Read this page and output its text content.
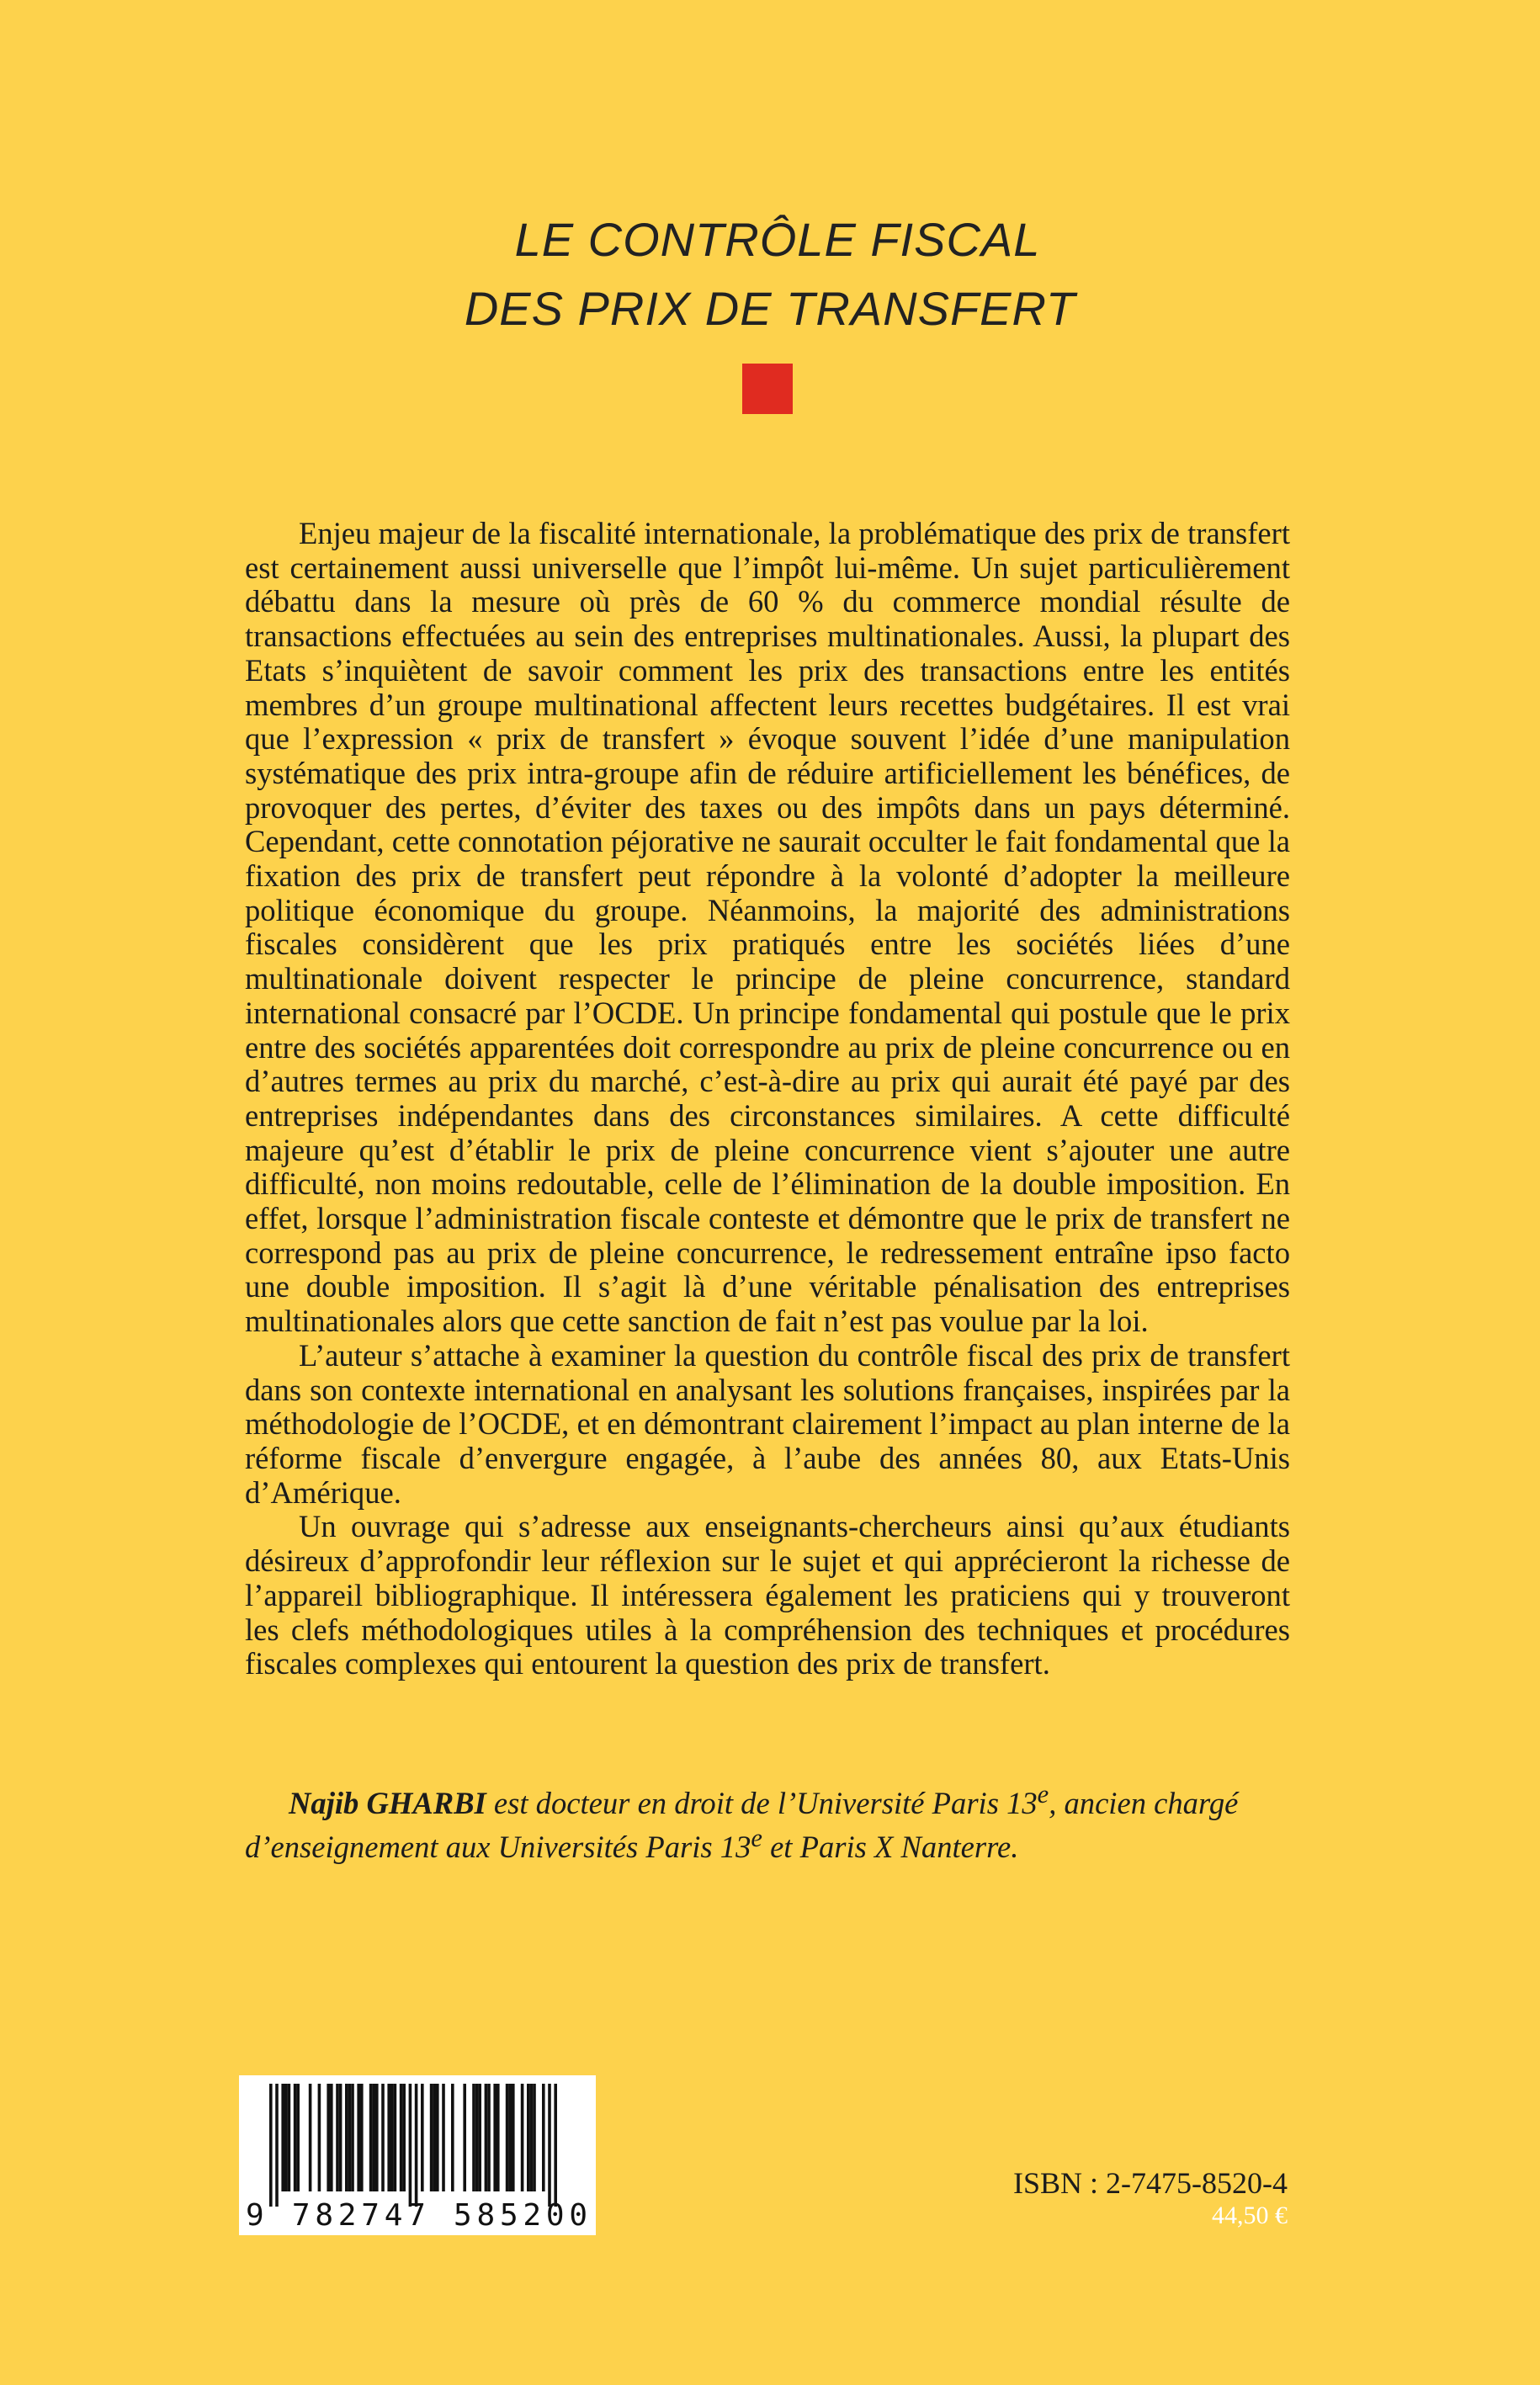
LE CONTRÔLE FISCAL
DES PRIX DE TRANSFERT

Enjeu majeur de la fiscalité internationale, la problématique des prix de transfert est certainement aussi universelle que l’impôt lui-même. Un sujet particulièrement débattu dans la mesure où près de 60 % du commerce mondial résulte de transactions effectuées au sein des entreprises multinationales. Aussi, la plupart des Etats s’inquiètent de savoir comment les prix des transactions entre les entités membres d’un groupe multinational affectent leurs recettes budgétaires. Il est vrai que l’expression « prix de transfert » évoque souvent l’idée d’une manipulation systématique des prix intra-groupe afin de réduire artificiellement les bénéfices, de provoquer des pertes, d’éviter des taxes ou des impôts dans un pays déterminé. Cependant, cette connotation péjorative ne saurait occulter le fait fondamental que la fixation des prix de transfert peut répondre à la volonté d’adopter la meilleure politique économique du groupe. Néanmoins, la majorité des administrations fiscales considèrent que les prix pratiqués entre les sociétés liées d’une multinationale doivent respecter le principe de pleine concurrence, standard international consacré par l’OCDE. Un principe fondamental qui postule que le prix entre des sociétés apparentées doit correspondre au prix de pleine concurrence ou en d’autres termes au prix du marché, c’est-à-dire au prix qui aurait été payé par des entreprises indépendantes dans des circonstances similaires. A cette difficulté majeure qu’est d’établir le prix de pleine concurrence vient s’ajouter une autre difficulté, non moins redoutable, celle de l’élimination de la double imposition. En effet, lorsque l’administration fiscale conteste et démontre que le prix de transfert ne correspond pas au prix de pleine concurrence, le redressement entraîne ipso facto une double imposition. Il s’agit là d’une véritable pénalisation des entreprises multinationales alors que cette sanction de fait n’est pas voulue par la loi.

L’auteur s’attache à examiner la question du contrôle fiscal des prix de transfert dans son contexte international en analysant les solutions françaises, inspirées par la méthodologie de l’OCDE, et en démontrant clairement l’impact au plan interne de la réforme fiscale d’envergure engagée, à l’aube des années 80, aux Etats-Unis d’Amérique.

Un ouvrage qui s’adresse aux enseignants-chercheurs ainsi qu’aux étudiants désireux d’approfondir leur réflexion sur le sujet et qui apprécieront la richesse de l’appareil bibliographique. Il intéressera également les praticiens qui y trouveront les clefs méthodologiques utiles à la compréhension des techniques et procédures fiscales complexes qui entourent la question des prix de transfert.

Najib GHARBI est docteur en droit de l’Université Paris 13e, ancien chargé d’enseignement aux Universités Paris 13e et Paris X Nanterre.
9 782747 585200
ISBN : 2-7475-8520-4
44,50 €
